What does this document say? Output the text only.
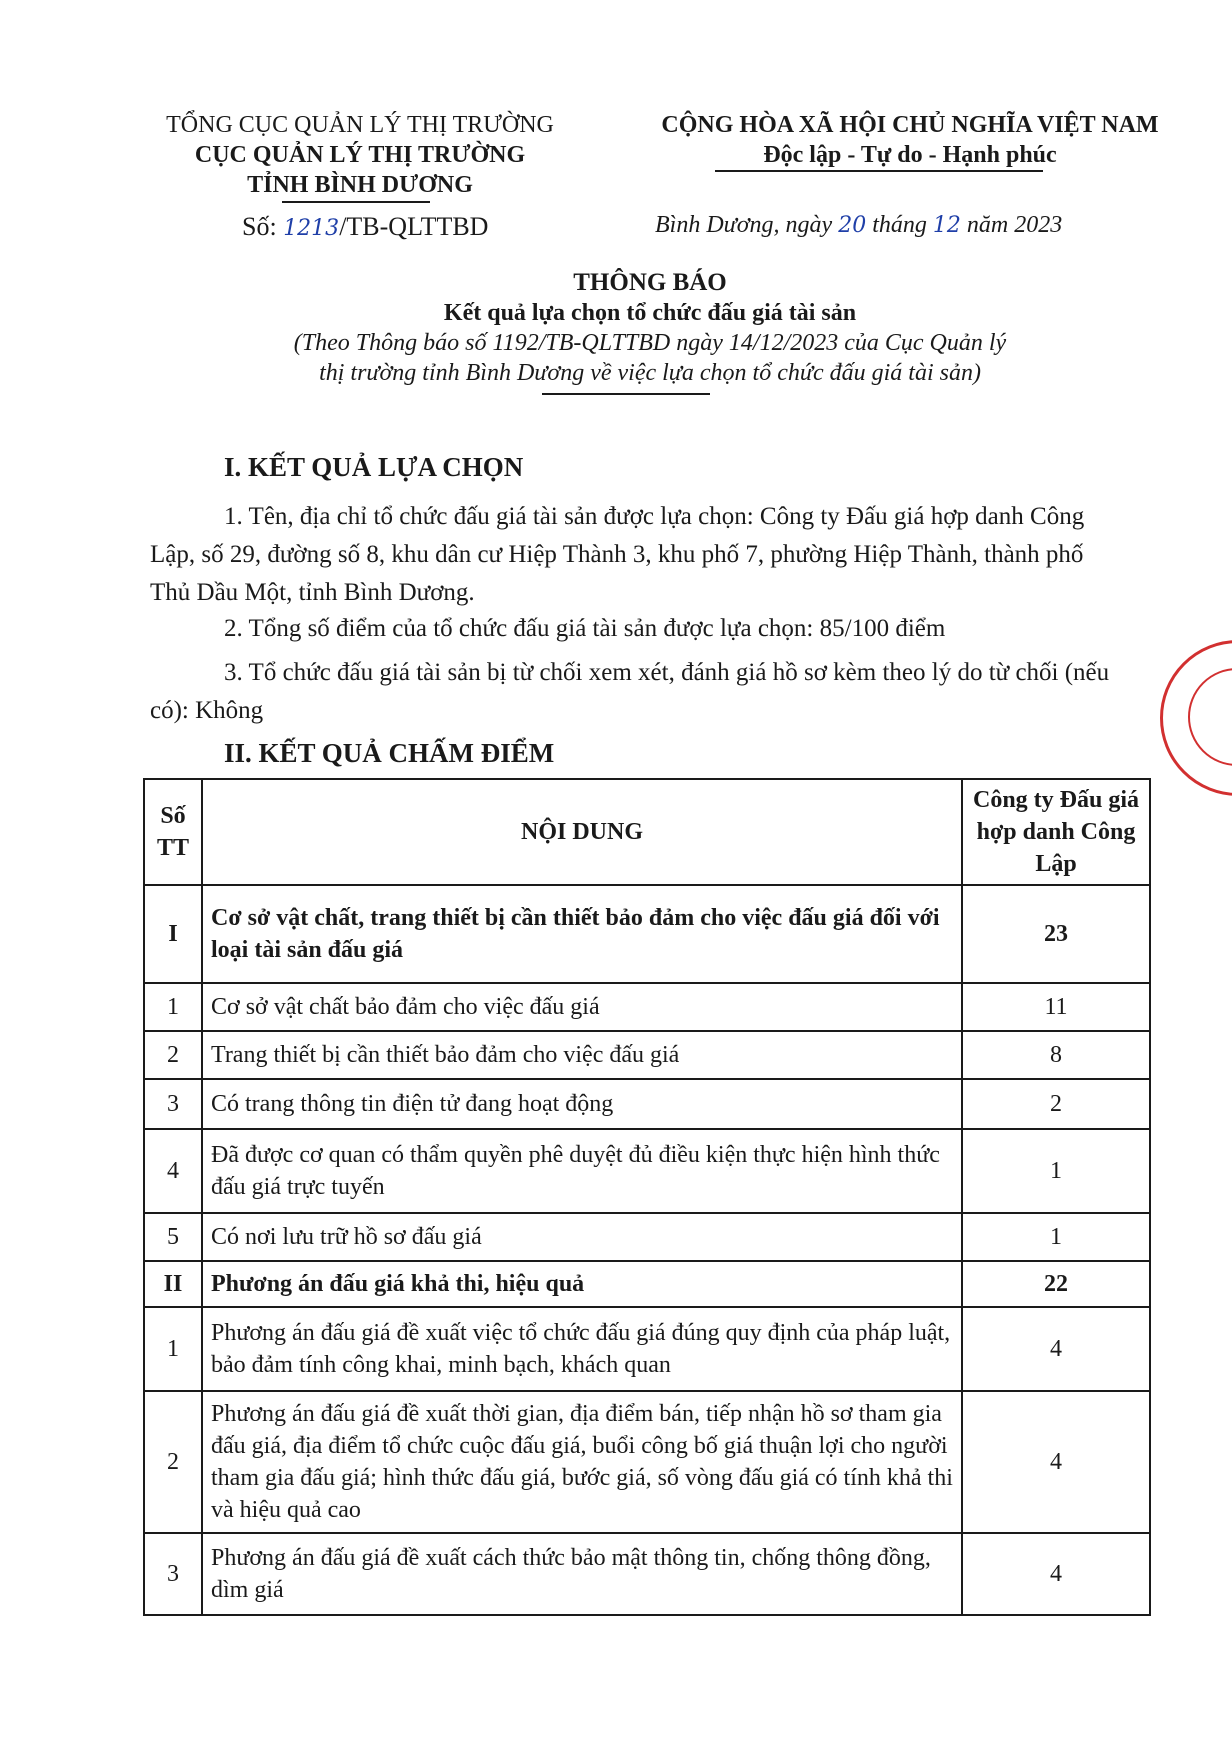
TỔNG CỤC QUẢN LÝ THỊ TRƯỜNG
CỤC QUẢN LÝ THỊ TRƯỜNG
TỈNH BÌNH DƯƠNG
Số: 1213/TB-QLTTBD
CỘNG HÒA XÃ HỘI CHỦ NGHĨA VIỆT NAM
Độc lập - Tự do - Hạnh phúc
Bình Dương, ngày 20 tháng 12 năm 2023
THÔNG BÁO
Kết quả lựa chọn tổ chức đấu giá tài sản
(Theo Thông báo số 1192/TB-QLTTBD ngày 14/12/2023 của Cục Quản lý
thị trường tỉnh Bình Dương về việc lựa chọn tổ chức đấu giá tài sản)
I. KẾT QUẢ LỰA CHỌN
1. Tên, địa chỉ tổ chức đấu giá tài sản được lựa chọn: Công ty Đấu giá hợp danh Công Lập, số 29, đường số 8, khu dân cư Hiệp Thành 3, khu phố 7, phường Hiệp Thành, thành phố Thủ Dầu Một, tỉnh Bình Dương.
2. Tổng số điểm của tổ chức đấu giá tài sản được lựa chọn: 85/100 điểm
3. Tổ chức đấu giá tài sản bị từ chối xem xét, đánh giá hồ sơ kèm theo lý do từ chối (nếu có): Không
II. KẾT QUẢ CHẤM ĐIỂM
Số TT	NỘI DUNG	Công ty Đấu giá hợp danh Công Lập
I	Cơ sở vật chất, trang thiết bị cần thiết bảo đảm cho việc đấu giá đối với loại tài sản đấu giá	23
1	Cơ sở vật chất bảo đảm cho việc đấu giá	11
2	Trang thiết bị cần thiết bảo đảm cho việc đấu giá	8
3	Có trang thông tin điện tử đang hoạt động	2
4	Đã được cơ quan có thẩm quyền phê duyệt đủ điều kiện thực hiện hình thức đấu giá trực tuyến	1
5	Có nơi lưu trữ hồ sơ đấu giá	1
II	Phương án đấu giá khả thi, hiệu quả	22
1	Phương án đấu giá đề xuất việc tổ chức đấu giá đúng quy định của pháp luật, bảo đảm tính công khai, minh bạch, khách quan	4
2	Phương án đấu giá đề xuất thời gian, địa điểm bán, tiếp nhận hồ sơ tham gia đấu giá, địa điểm tổ chức cuộc đấu giá, buổi công bố giá thuận lợi cho người tham gia đấu giá; hình thức đấu giá, bước giá, số vòng đấu giá có tính khả thi và hiệu quả cao	4
3	Phương án đấu giá đề xuất cách thức bảo mật thông tin, chống thông đồng, dìm giá	4
